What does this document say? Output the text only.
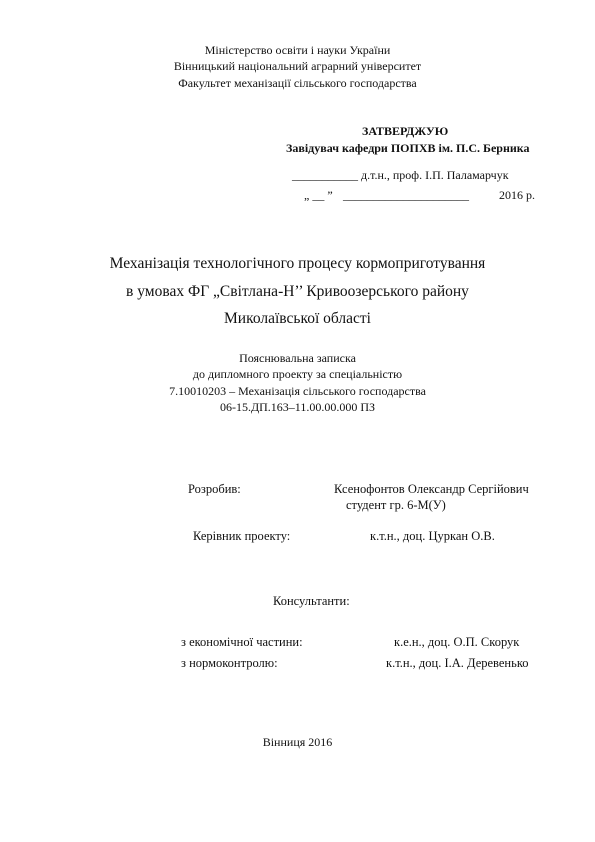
Міністерство освіти і науки України
Вінницький національний аграрний університет
Факультет механізації сільського господарства
ЗАТВЕРДЖУЮ
Завідувач кафедри ПОПХВ ім. П.С. Берника
___________ д.т.н., проф. І.П. Паламарчук
„ __ ” _____________________	2016 р.
Механізація технологічного процесу кормоприготування
в умовах ФГ „Світлана-Н’’ Кривоозерського району
Миколаївської області
Пояснювальна записка
до дипломного проекту за спеціальністю
7.10010203 – Механізація сільського господарства
06-15.ДП.163–11.00.00.000 ПЗ
Розробив:	Ксенофонтов Олександр Сергійович
студент гр. 6-М(У)
Керівник проекту:	к.т.н., доц. Цуркан О.В.
Консультанти:
з економічної частини:	к.е.н., доц. О.П. Скорук
з нормоконтролю:	к.т.н., доц. І.А. Деревенько
Вінниця 2016
